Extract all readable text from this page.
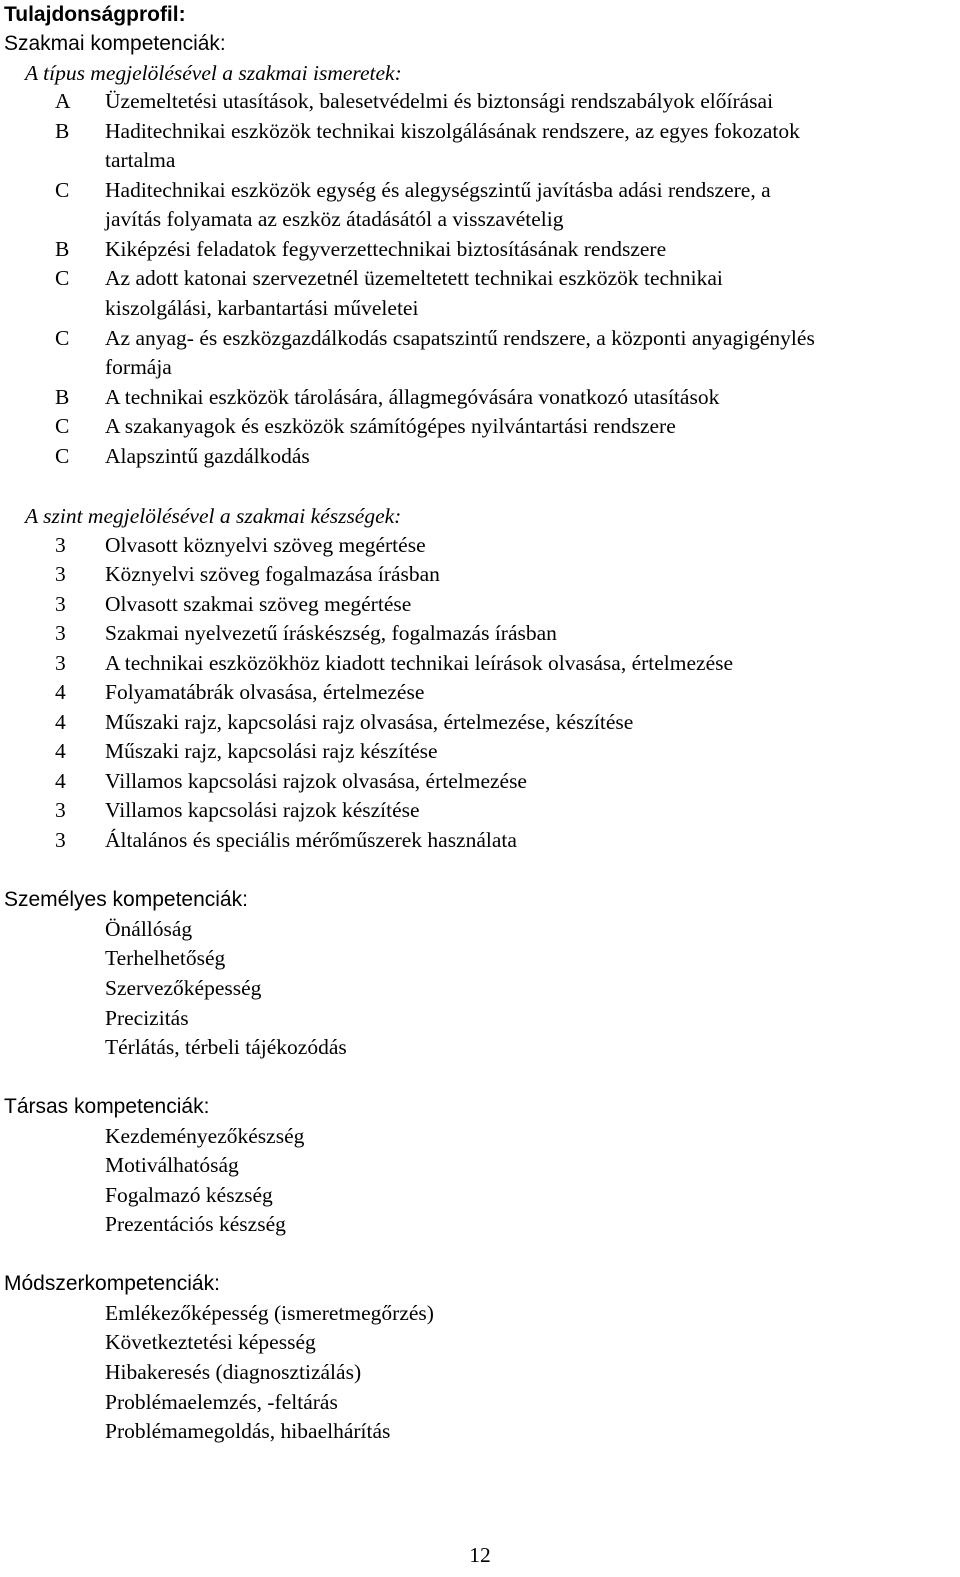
Tulajdonságprofil:
Szakmai kompetenciák:
A típus megjelölésével a szakmai ismeretek:
A	Üzemeltetési utasítások, balesetvédelmi és biztonsági rendszabályok előírásai
B	Haditechnikai eszközök technikai kiszolgálásának rendszere, az egyes fokozatok
tartalma
C	Haditechnikai eszközök egység és alegységszintű javításba adási rendszere, a
javítás folyamata az eszköz átadásától a visszavételig
B	Kiképzési feladatok fegyverzettechnikai biztosításának rendszere
C	Az adott katonai szervezetnél üzemeltetett technikai eszközök technikai
kiszolgálási, karbantartási műveletei
C	Az anyag- és eszközgazdálkodás csapatszintű rendszere, a központi anyagigénylés
formája
B	A technikai eszközök tárolására, állagmegóvására vonatkozó utasítások
C	A szakanyagok és eszközök számítógépes nyilvántartási rendszere
C	Alapszintű gazdálkodás
A szint megjelölésével a szakmai készségek:
3	Olvasott köznyelvi szöveg megértése
3	Köznyelvi szöveg fogalmazása írásban
3	Olvasott szakmai szöveg megértése
3	Szakmai nyelvezetű íráskészség, fogalmazás írásban
3	A technikai eszközökhöz kiadott technikai leírások olvasása, értelmezése
4	Folyamatábrák olvasása, értelmezése
4	Műszaki rajz, kapcsolási rajz olvasása, értelmezése, készítése
4	Műszaki rajz, kapcsolási rajz készítése
4	Villamos kapcsolási rajzok olvasása, értelmezése
3	Villamos kapcsolási rajzok készítése
3	Általános és speciális mérőműszerek használata
Személyes kompetenciák:
Önállóság
Terhelhetőség
Szervezőképesség
Precizitás
Térlátás, térbeli tájékozódás
Társas kompetenciák:
Kezdeményezőkészség
Motiválhatóság
Fogalmazó készség
Prezentációs készség
Módszerkompetenciák:
Emlékezőképesség (ismeretmegőrzés)
Következtetési képesség
Hibakeresés (diagnosztizálás)
Problémaelemzés, -feltárás
Problémamegoldás, hibaelhárítás
12
